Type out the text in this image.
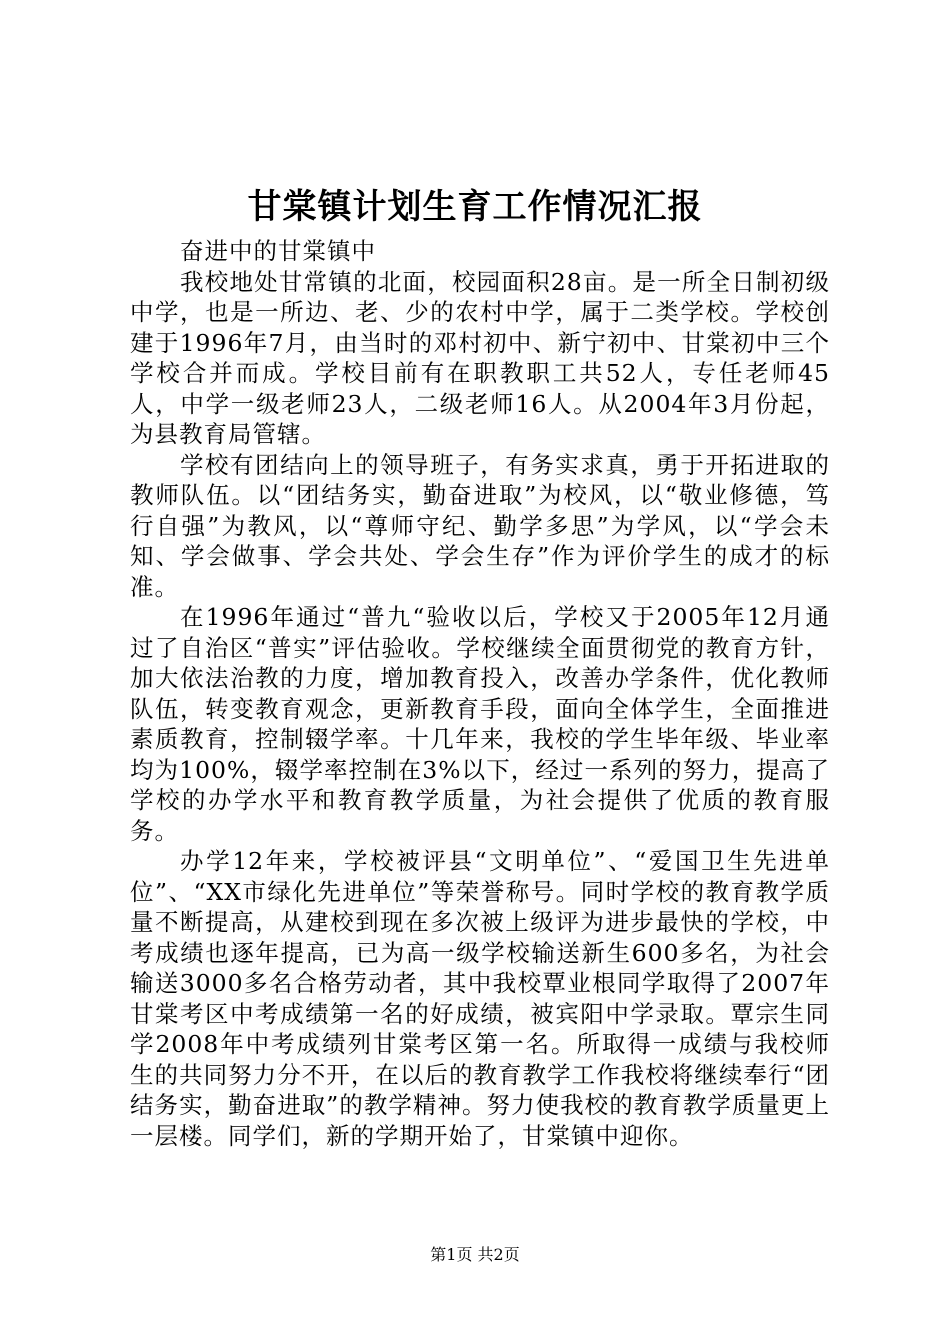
甘棠镇计划生育工作情况汇报

奋进中的甘棠镇中

我校地处甘常镇的北面，校园面积28亩。是一所全日制初级中学，也是一所边、老、少的农村中学，属于二类学校。学校创建于1996年7月，由当时的邓村初中、新宁初中、甘棠初中三个学校合并而成。学校目前有在职教职工共52人，专任老师45人，中学一级老师23人，二级老师16人。从2004年3月份起，为县教育局管辖。

学校有团结向上的领导班子，有务实求真，勇于开拓进取的教师队伍。以“团结务实，勤奋进取”为校风，以“敬业修德，笃行自强”为教风，以“尊师守纪、勤学多思”为学风，以“学会未知、学会做事、学会共处、学会生存”作为评价学生的成才的标准。

在1996年通过“普九“验收以后，学校又于2005年12月通过了自治区“普实”评估验收。学校继续全面贯彻党的教育方针，加大依法治教的力度，增加教育投入，改善办学条件，优化教师队伍，转变教育观念，更新教育手段，面向全体学生，全面推进素质教育，控制辍学率。十几年来，我校的学生毕年级、毕业率均为100%，辍学率控制在3%以下，经过一系列的努力，提高了学校的办学水平和教育教学质量，为社会提供了优质的教育服务。

办学12年来，学校被评县“文明单位”、“爱国卫生先进单位”、“XX市绿化先进单位”等荣誉称号。同时学校的教育教学质量不断提高，从建校到现在多次被上级评为进步最快的学校，中考成绩也逐年提高，已为高一级学校输送新生600多名，为社会输送3000多名合格劳动者，其中我校覃业根同学取得了2007年甘棠考区中考成绩第一名的好成绩，被宾阳中学录取。覃宗生同学2008年中考成绩列甘棠考区第一名。所取得一成绩与我校师生的共同努力分不开，在以后的教育教学工作我校将继续奉行“团结务实，勤奋进取”的教学精神。努力使我校的教育教学质量更上一层楼。同学们，新的学期开始了，甘棠镇中迎你。

第1页 共2页
